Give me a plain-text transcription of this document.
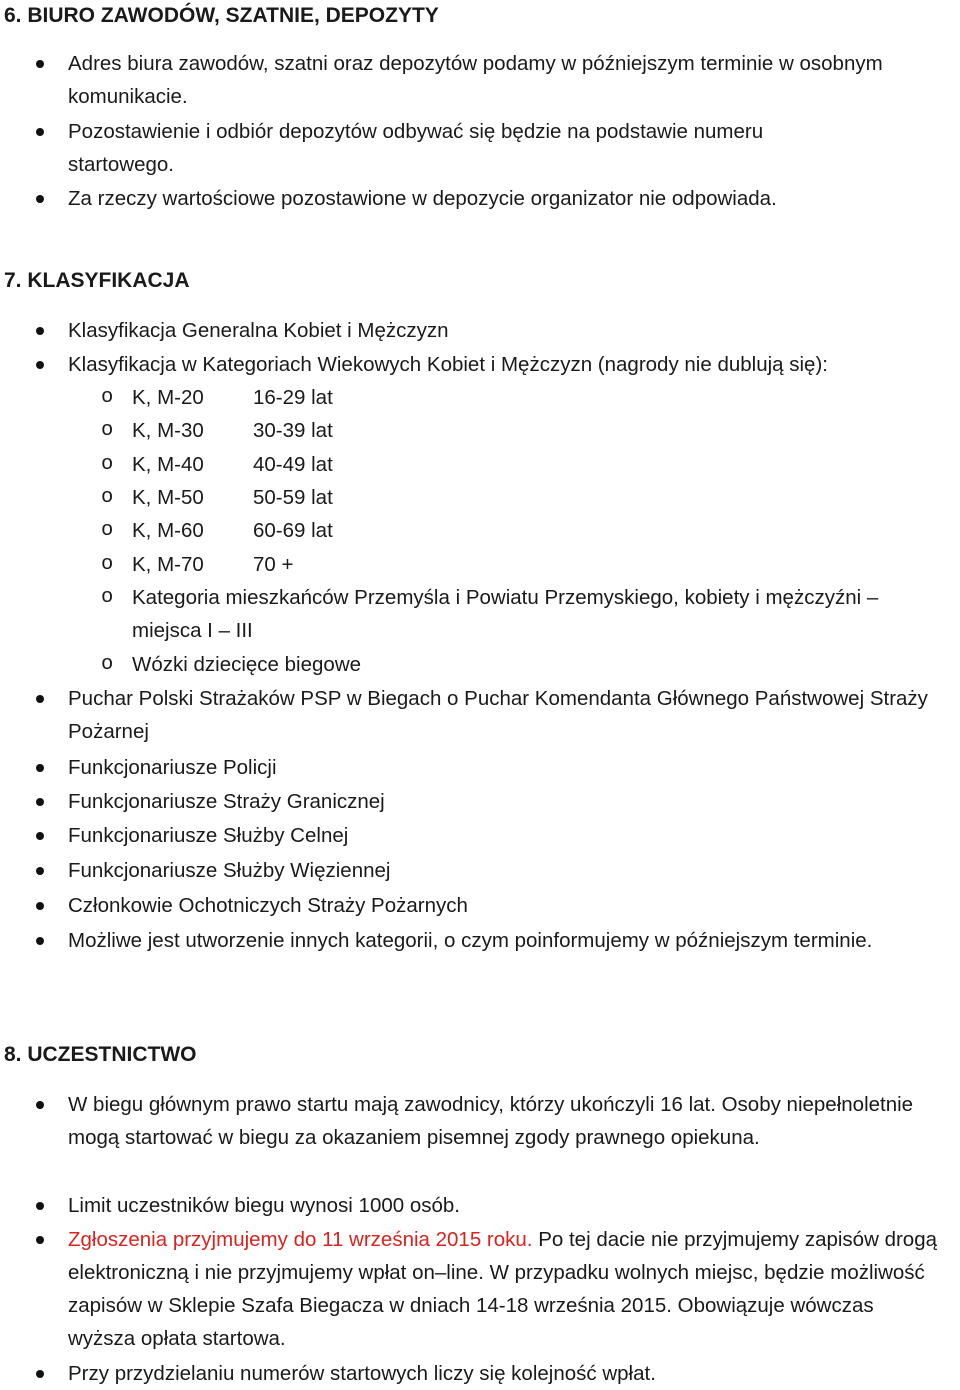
6. BIURO ZAWODÓW, SZATNIE, DEPOZYTY
Adres biura zawodów, szatni oraz depozytów podamy w późniejszym terminie w osobnym komunikacie.
Pozostawienie i odbiór depozytów odbywać się będzie na podstawie numeru startowego.
Za rzeczy wartościowe pozostawione w depozycie organizator nie odpowiada.
7. KLASYFIKACJA
Klasyfikacja Generalna Kobiet i Mężczyzn
Klasyfikacja w Kategoriach Wiekowych Kobiet i Mężczyzn (nagrody nie dublują się):
o K, M-20 16-29 lat
o K, M-30 30-39 lat
o K, M-40 40-49 lat
o K, M-50 50-59 lat
o K, M-60 60-69 lat
o K, M-70 70 +
o Kategoria mieszkańców Przemyśla i Powiatu Przemyskiego, kobiety i mężczyźni – miejsca I – III
o Wózki dziecięce biegowe
Puchar Polski Strażaków PSP w Biegach o Puchar Komendanta Głównego Państwowej Straży Pożarnej
Funkcjonariusze Policji
Funkcjonariusze Straży Granicznej
Funkcjonariusze Służby Celnej
Funkcjonariusze Służby Więziennej
Członkowie Ochotniczych Straży Pożarnych
Możliwe jest utworzenie innych kategorii, o czym poinformujemy w późniejszym terminie.
8. UCZESTNICTWO
W biegu głównym prawo startu mają zawodnicy, którzy ukończyli 16 lat. Osoby niepełnoletnie mogą startować w biegu za okazaniem pisemnej zgody prawnego opiekuna.
Limit uczestników biegu wynosi 1000 osób.
Zgłoszenia przyjmujemy do 11 września 2015 roku. Po tej dacie nie przyjmujemy zapisów drogą elektroniczną i nie przyjmujemy wpłat on–line. W przypadku wolnych miejsc, będzie możliwość zapisów w Sklepie Szafa Biegacza w dniach 14-18 września 2015. Obowiązuje wówczas wyższa opłata startowa.
Przy przydzielaniu numerów startowych liczy się kolejność wpłat.
